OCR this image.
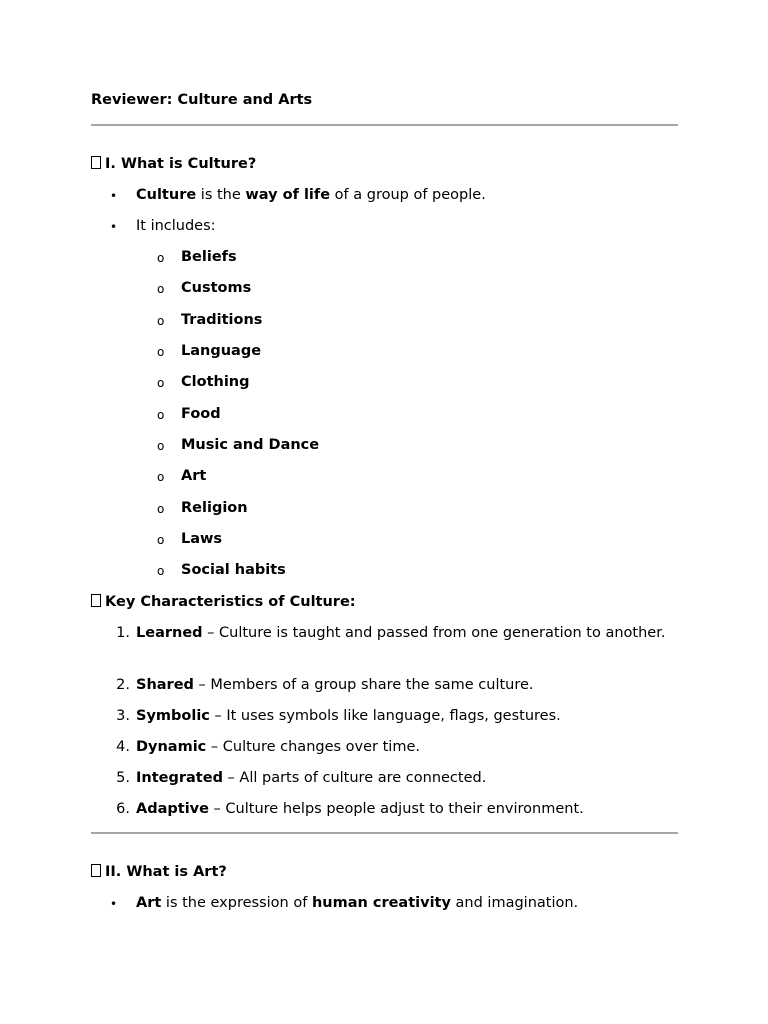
Reviewer: Culture and Arts
I. What is Culture?
• Culture is the way of life of a group of people.
• It includes:
o Beliefs
o Customs
o Traditions
o Language
o Clothing
o Food
o Music and Dance
o Art
o Religion
o Laws
o Social habits
Key Characteristics of Culture:
1. Learned – Culture is taught and passed from one generation to another.
2. Shared – Members of a group share the same culture.
3. Symbolic – It uses symbols like language, flags, gestures.
4. Dynamic – Culture changes over time.
5. Integrated – All parts of culture are connected.
6. Adaptive – Culture helps people adjust to their environment.
II. What is Art?
• Art is the expression of human creativity and imagination.
